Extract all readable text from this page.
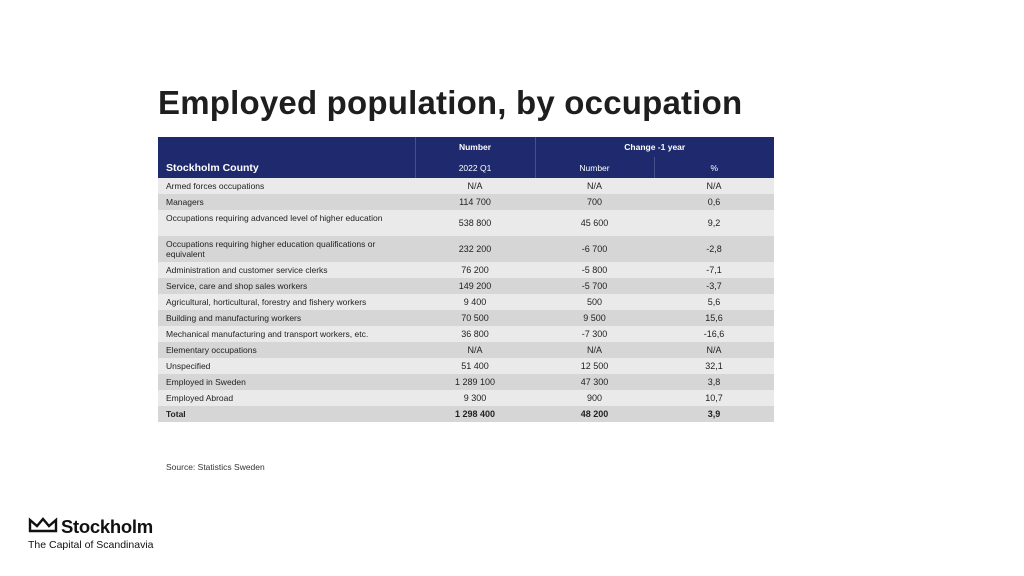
Employed population, by occupation
	Number	Change -1 year	
Stockholm County	2022 Q1	Number	%
Armed forces occupations	N/A	N/A	N/A
Managers	114 700	700	0,6
Occupations requiring advanced level of higher education	538 800	45 600	9,2
Occupations requiring higher education qualifications or equivalent	232 200	-6 700	-2,8
Administration and customer service clerks	76 200	-5 800	-7,1
Service, care and shop sales workers	149 200	-5 700	-3,7
Agricultural, horticultural, forestry and fishery workers	9 400	500	5,6
Building and manufacturing workers	70 500	9 500	15,6
Mechanical manufacturing and transport workers, etc.	36 800	-7 300	-16,6
Elementary occupations	N/A	N/A	N/A
Unspecified	51 400	12 500	32,1
Employed in Sweden	1 289 100	47 300	3,8
Employed Abroad	9 300	900	10,7
Total	1 298 400	48 200	3,9
Source: Statistics Sweden
Stockholm
The Capital of Scandinavia
